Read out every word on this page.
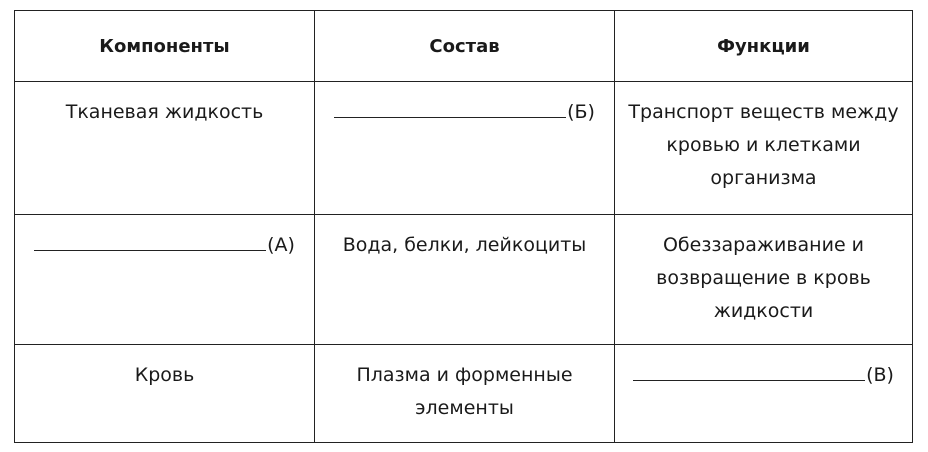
Компоненты	Состав	Функции
Тканевая жидкость	(Б)	Транспорт веществ между кровью и клетками организма
(А)	Вода, белки, лейкоциты	Обеззараживание и возвращение в кровь жидкости
Кровь	Плазма и форменные элементы	(В)
